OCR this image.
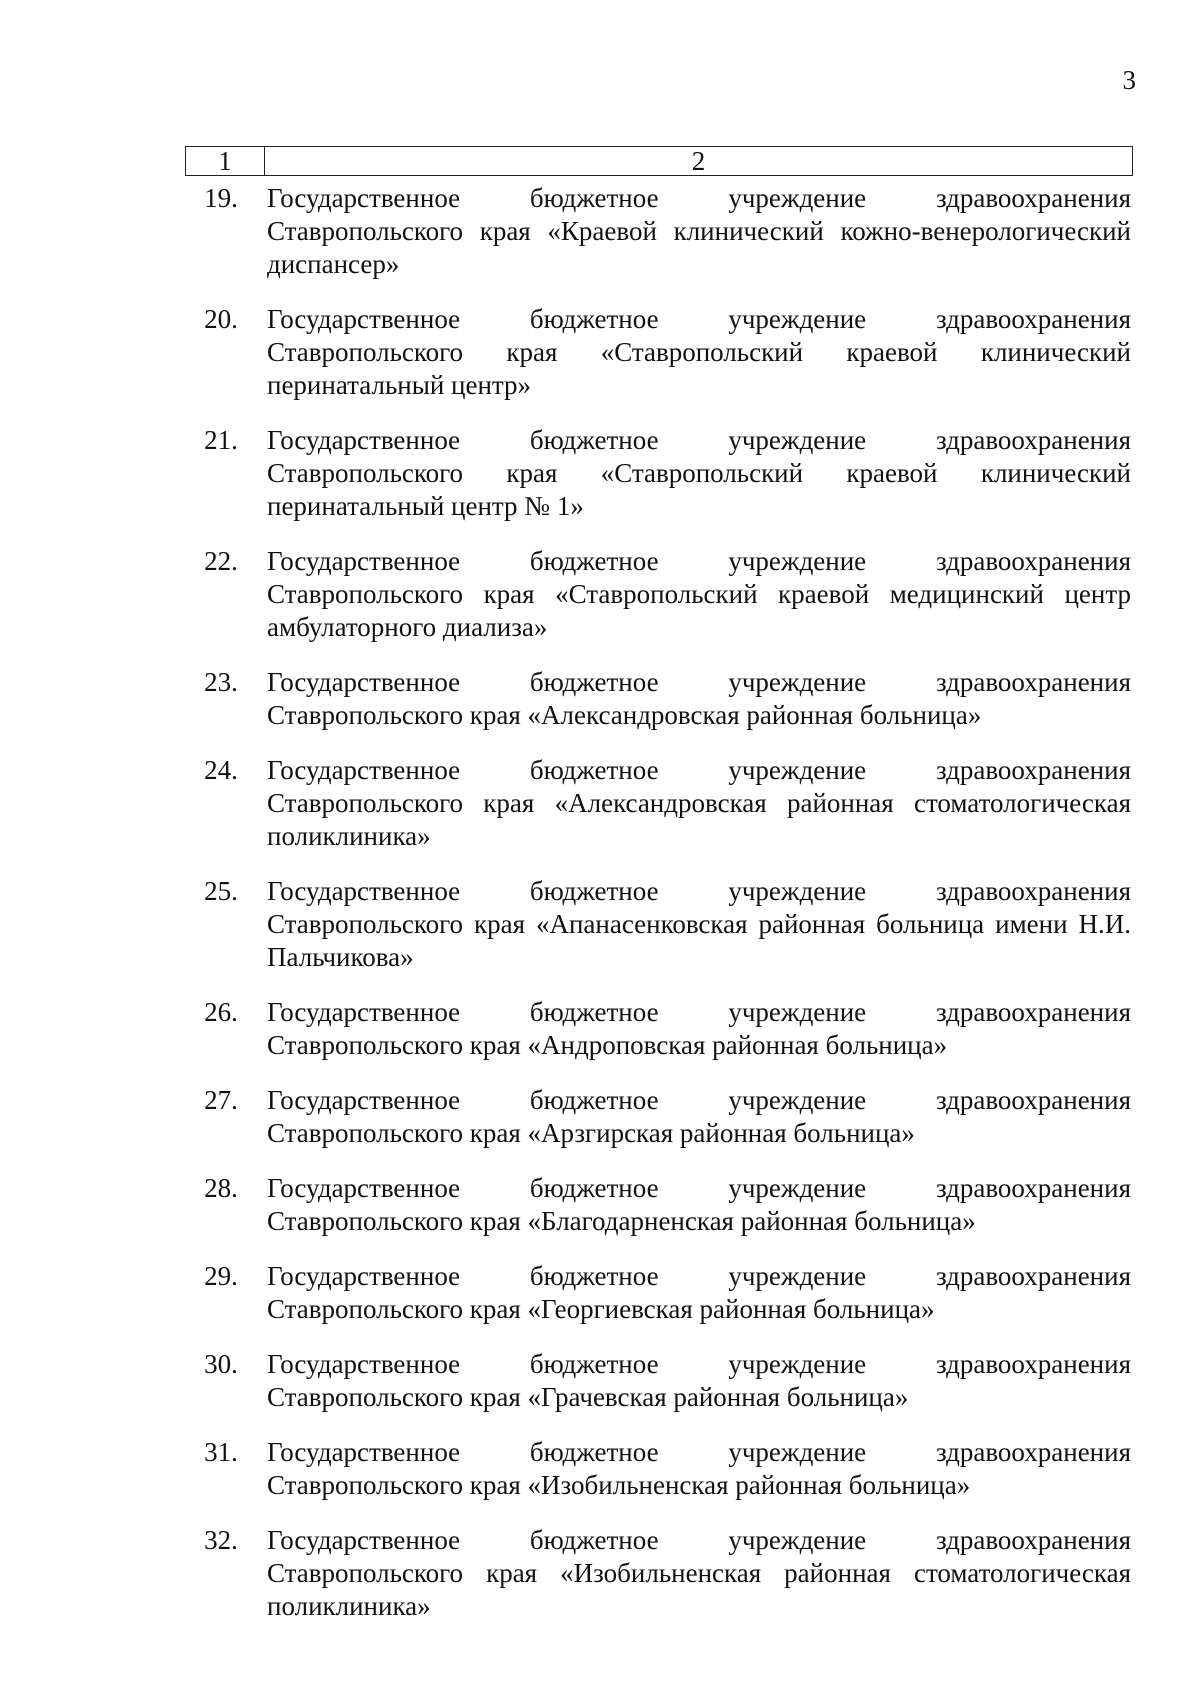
3
1	2
19.	Государственное бюджетное учреждение здравоохранения Ставропольского края «Краевой клинический кожно-венерологический диспансер»
20.	Государственное бюджетное учреждение здравоохранения Ставропольского края «Ставропольский краевой клинический перинатальный центр»
21.	Государственное бюджетное учреждение здравоохранения Ставропольского края «Ставропольский краевой клинический перинатальный центр № 1»
22.	Государственное бюджетное учреждение здравоохранения Ставропольского края «Ставропольский краевой медицинский центр амбулаторного диализа»
23.	Государственное бюджетное учреждение здравоохранения Ставропольского края «Александровская районная больница»
24.	Государственное бюджетное учреждение здравоохранения Ставропольского края «Александровская районная стоматологическая поликлиника»
25.	Государственное бюджетное учреждение здравоохранения Ставропольского края «Апанасенковская районная больница имени Н.И. Пальчикова»
26.	Государственное бюджетное учреждение здравоохранения Ставропольского края «Андроповская районная больница»
27.	Государственное бюджетное учреждение здравоохранения Ставропольского края «Арзгирская районная больница»
28.	Государственное бюджетное учреждение здравоохранения Ставропольского края «Благодарненская районная больница»
29.	Государственное бюджетное учреждение здравоохранения Ставропольского края «Георгиевская районная больница»
30.	Государственное бюджетное учреждение здравоохранения Ставропольского края «Грачевская районная больница»
31.	Государственное бюджетное учреждение здравоохранения Ставропольского края «Изобильненская районная больница»
32.	Государственное бюджетное учреждение здравоохранения Ставропольского края «Изобильненская районная стоматологическая поликлиника»
